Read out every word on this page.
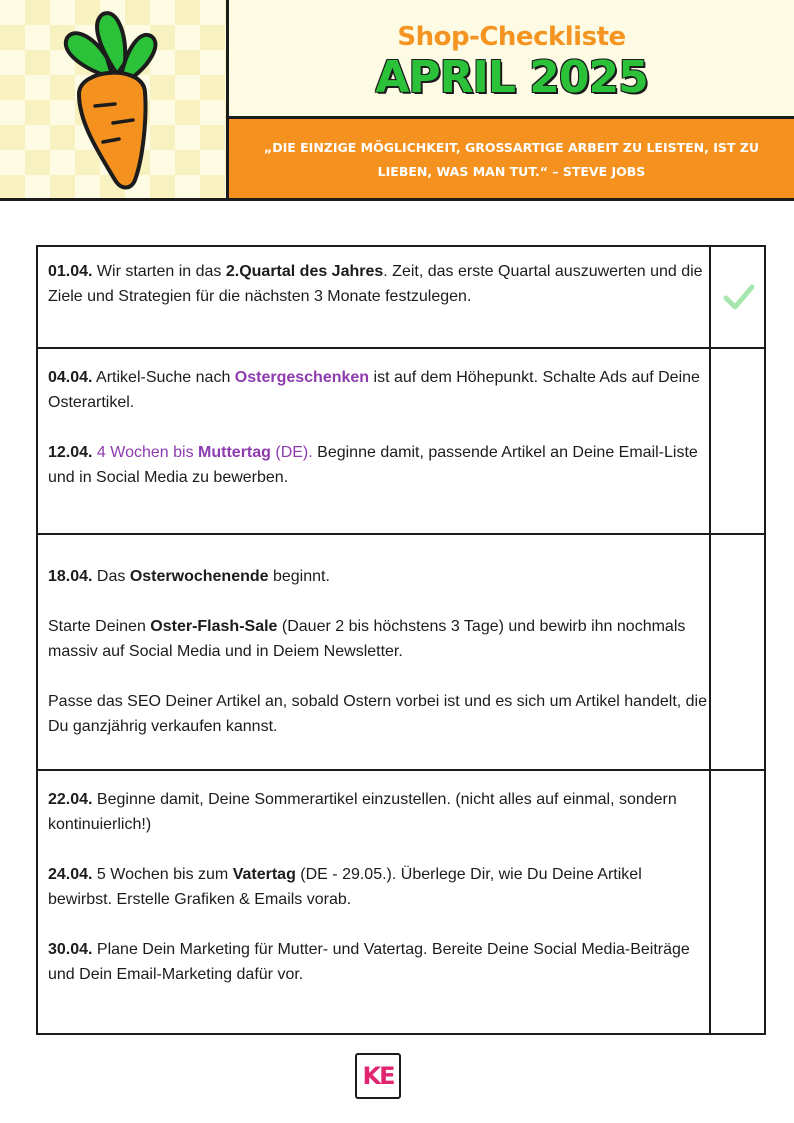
Shop-Checkliste
APRIL 2025
„DIE EINZIGE MÖGLICHKEIT, GROSSARTIGE ARBEIT ZU LEISTEN, IST ZU LIEBEN, WAS MAN TUT.“ – STEVE JOBS
01.04. Wir starten in das 2.Quartal des Jahres. Zeit, das erste Quartal auszuwerten und die Ziele und Strategien für die nächsten 3 Monate festzulegen.
04.04. Artikel-Suche nach Ostergeschenken ist auf dem Höhepunkt. Schalte Ads auf Deine Osterartikel.
12.04. 4 Wochen bis Muttertag (DE). Beginne damit, passende Artikel an Deine Email-Liste und in Social Media zu bewerben.
18.04. Das Osterwochenende beginnt.
Starte Deinen Oster-Flash-Sale (Dauer 2 bis höchstens 3 Tage) und bewirb ihn nochmals massiv auf Social Media und in Deiem Newsletter.
Passe das SEO Deiner Artikel an, sobald Ostern vorbei ist und es sich um Artikel handelt, die Du ganzjährig verkaufen kannst.
22.04. Beginne damit, Deine Sommerartikel einzustellen. (nicht alles auf einmal, sondern kontinuierlich!)
24.04. 5 Wochen bis zum Vatertag (DE - 29.05.). Überlege Dir, wie Du Deine Artikel bewirbst. Erstelle Grafiken & Emails vorab.
30.04. Plane Dein Marketing für Mutter- und Vatertag. Bereite Deine Social Media-Beiträge und Dein Email-Marketing dafür vor.
KE
